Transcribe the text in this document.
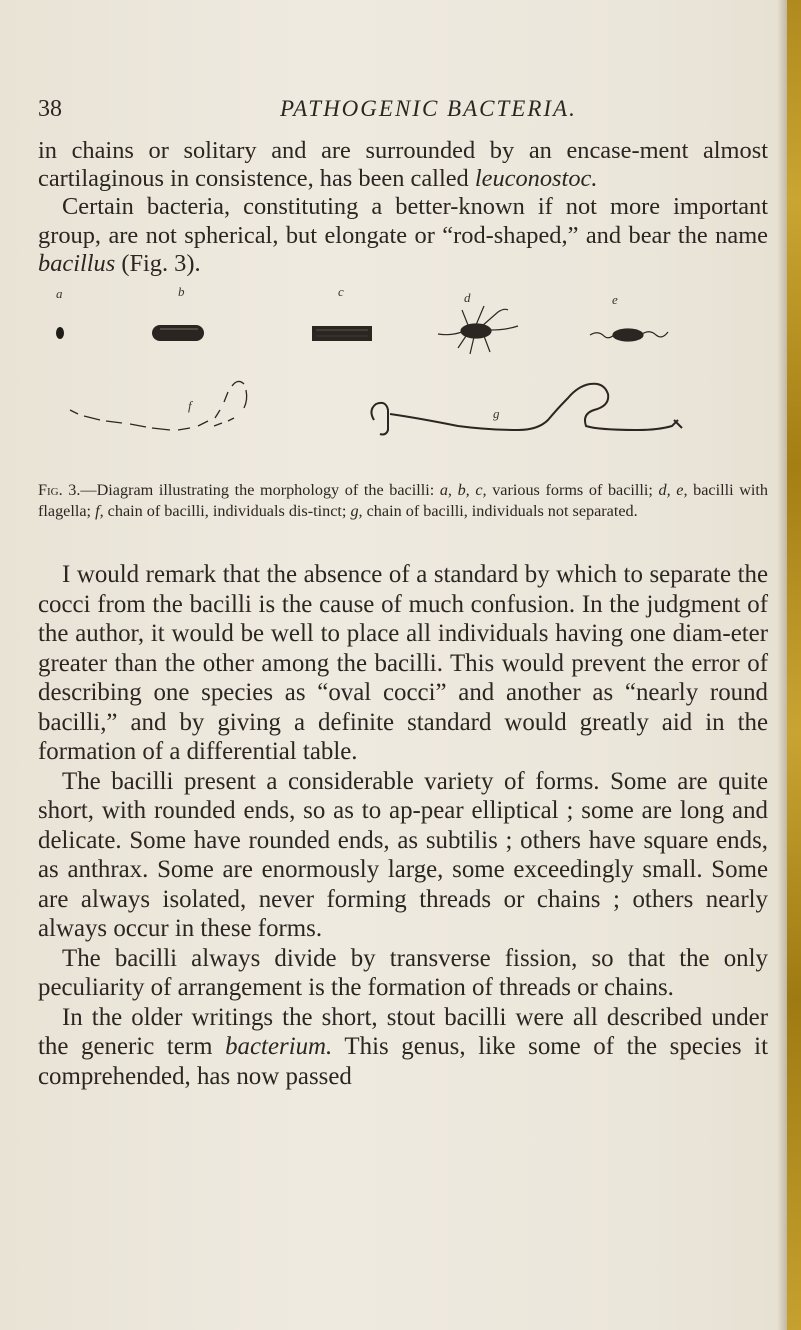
38	PATHOGENIC BACTERIA.

in chains or solitary and are surrounded by an encase-ment almost cartilaginous in consistence, has been called leuconostoc.

Certain bacteria, constituting a better-known if not more important group, are not spherical, but elongate or “rod-shaped,” and bear the name bacillus (Fig. 3).

a	b	c	d	e
f
g
Fig. 3.—Diagram illustrating the morphology of the bacilli: a, b, c, various forms of bacilli; d, e, bacilli with flagella; f, chain of bacilli, individuals dis-tinct; g, chain of bacilli, individuals not separated.

I would remark that the absence of a standard by which to separate the cocci from the bacilli is the cause of much confusion. In the judgment of the author, it would be well to place all individuals having one diam-eter greater than the other among the bacilli. This would prevent the error of describing one species as “oval cocci” and another as “nearly round bacilli,” and by giving a definite standard would greatly aid in the formation of a differential table.

The bacilli present a considerable variety of forms. Some are quite short, with rounded ends, so as to ap-pear elliptical ; some are long and delicate. Some have rounded ends, as subtilis ; others have square ends, as anthrax. Some are enormously large, some exceedingly small. Some are always isolated, never forming threads or chains ; others nearly always occur in these forms.

The bacilli always divide by transverse fission, so that the only peculiarity of arrangement is the formation of threads or chains.

In the older writings the short, stout bacilli were all described under the generic term bacterium. This genus, like some of the species it comprehended, has now passed
